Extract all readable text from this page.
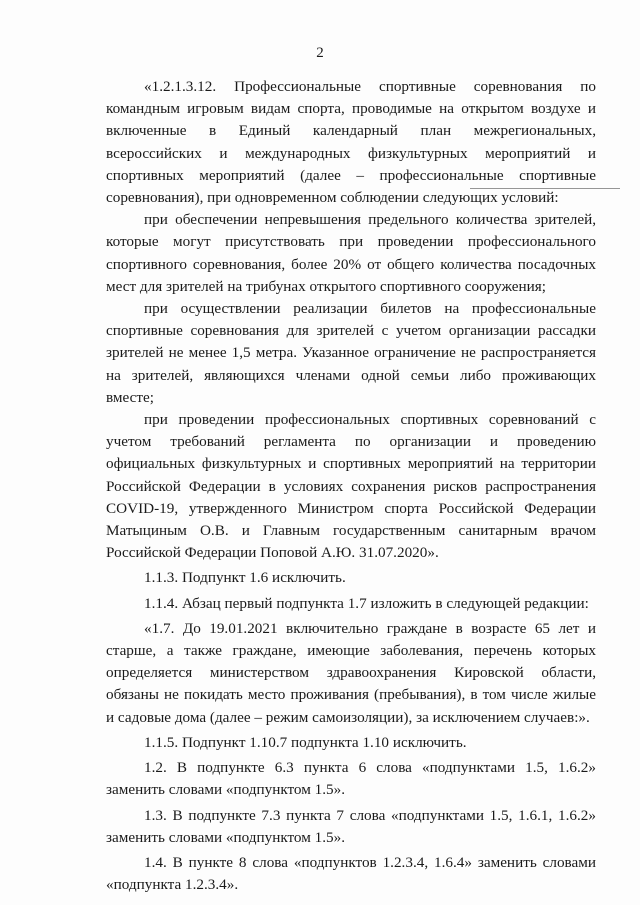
2

«1.2.1.3.12. Профессиональные спортивные соревнования по командным игровым видам спорта, проводимые на открытом воздухе и включенные в Единый календарный план межрегиональных, всероссийских и международных физкультурных мероприятий и спортивных мероприятий (далее – профессиональные спортивные соревнования), при одновременном соблюдении следующих условий:

при обеспечении непревышения предельного количества зрителей, которые могут присутствовать при проведении профессионального спортивного соревнования, более 20% от общего количества посадочных мест для зрителей на трибунах открытого спортивного сооружения;

при осуществлении реализации билетов на профессиональные спортивные соревнования для зрителей с учетом организации рассадки зрителей не менее 1,5 метра. Указанное ограничение не распространяется на зрителей, являющихся членами одной семьи либо проживающих вместе;

при проведении профессиональных спортивных соревнований с учетом требований регламента по организации и проведению официальных физкультурных и спортивных мероприятий на территории Российской Федерации в условиях сохранения рисков распространения COVID-19, утвержденного Министром спорта Российской Федерации Матыциным О.В. и Главным государственным санитарным врачом Российской Федерации Поповой А.Ю. 31.07.2020».

1.1.3. Подпункт 1.6 исключить.

1.1.4. Абзац первый подпункта 1.7 изложить в следующей редакции:

«1.7. До 19.01.2021 включительно граждане в возрасте 65 лет и старше, а также граждане, имеющие заболевания, перечень которых определяется министерством здравоохранения Кировской области, обязаны не покидать место проживания (пребывания), в том числе жилые и садовые дома (далее – режим самоизоляции), за исключением случаев:».

1.1.5. Подпункт 1.10.7 подпункта 1.10 исключить.

1.2. В подпункте 6.3 пункта 6 слова «подпунктами 1.5, 1.6.2» заменить словами «подпунктом 1.5».

1.3. В подпункте 7.3 пункта 7 слова «подпунктами 1.5, 1.6.1, 1.6.2» заменить словами «подпунктом 1.5».

1.4. В пункте 8 слова «подпунктов 1.2.3.4, 1.6.4» заменить словами «подпункта 1.2.3.4».
